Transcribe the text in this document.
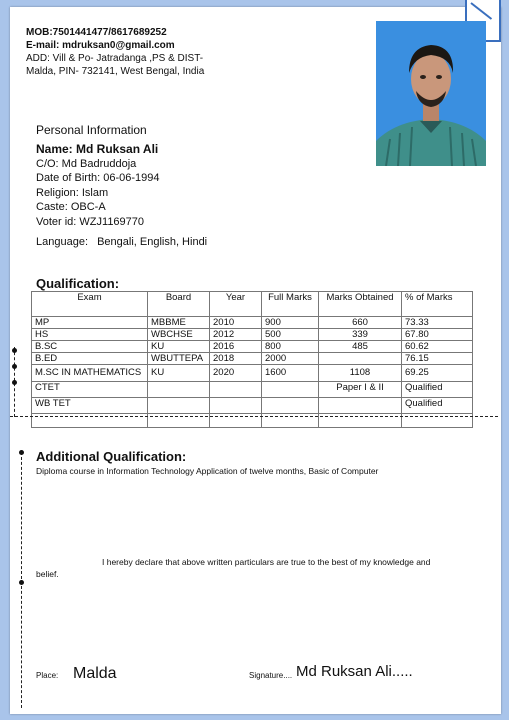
MOB:7501441477/8617689252
E-mail: mdruksan0@gmail.com
ADD: Vill & Po- Jatradanga ,PS & DIST-
Malda, PIN- 732141, West Bengal, India
Personal Information
Name: Md Ruksan Ali
C/O: Md Badruddoja
Date of Birth: 06-06-1994
Religion: Islam
Caste: OBC-A
Voter id: WZJ1169770
Language: Bengali, English, Hindi
Qualification:
Exam	Board	Year	Full Marks	Marks Obtained	% of Marks
MP	MBBME	2010	900	660	73.33
HS	WBCHSE	2012	500	339	67.80
B.SC	KU	2016	800	485	60.62
B.ED	WBUTTEPA	2018	2000		76.15
M.SC IN MATHEMATICS	KU	2020	1600	1108	69.25
CTET				Paper I & II	Qualified
WB TET					Qualified

Additional Qualification:
Diploma course in Information Technology Application of twelve months, Basic of Computer
I hereby declare that above written particulars are true to the best of my knowledge and
belief.
Place: Malda	Signature.... Md Ruksan Ali.....
